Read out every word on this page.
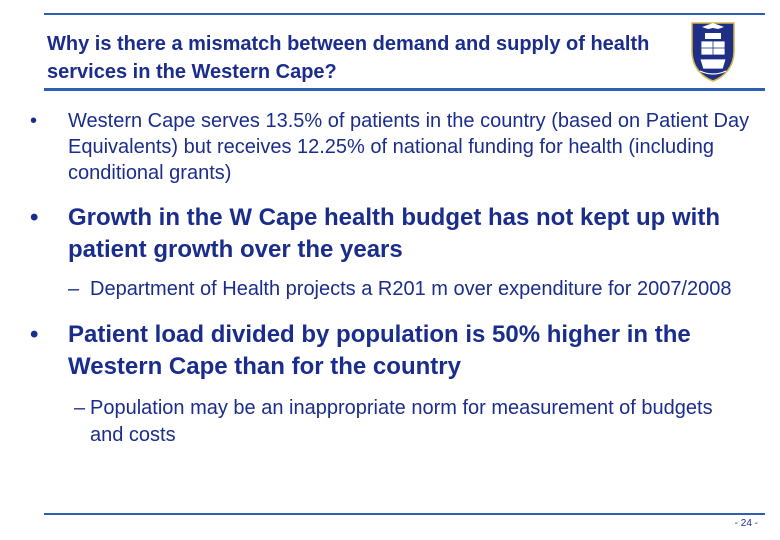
Why is there a mismatch between demand and supply of health services in the Western Cape?
•	Western Cape serves 13.5% of patients in the country (based on Patient Day Equivalents) but receives 12.25% of national funding for health (including conditional grants)
•	Growth in the W Cape health budget has not kept up with patient growth over the years
– Department of Health projects a R201 m over expenditure for 2007/2008
•	Patient load divided by population is 50% higher in the Western Cape than for the country
– Population may be an inappropriate norm for measurement of budgets and costs
- 24 -
